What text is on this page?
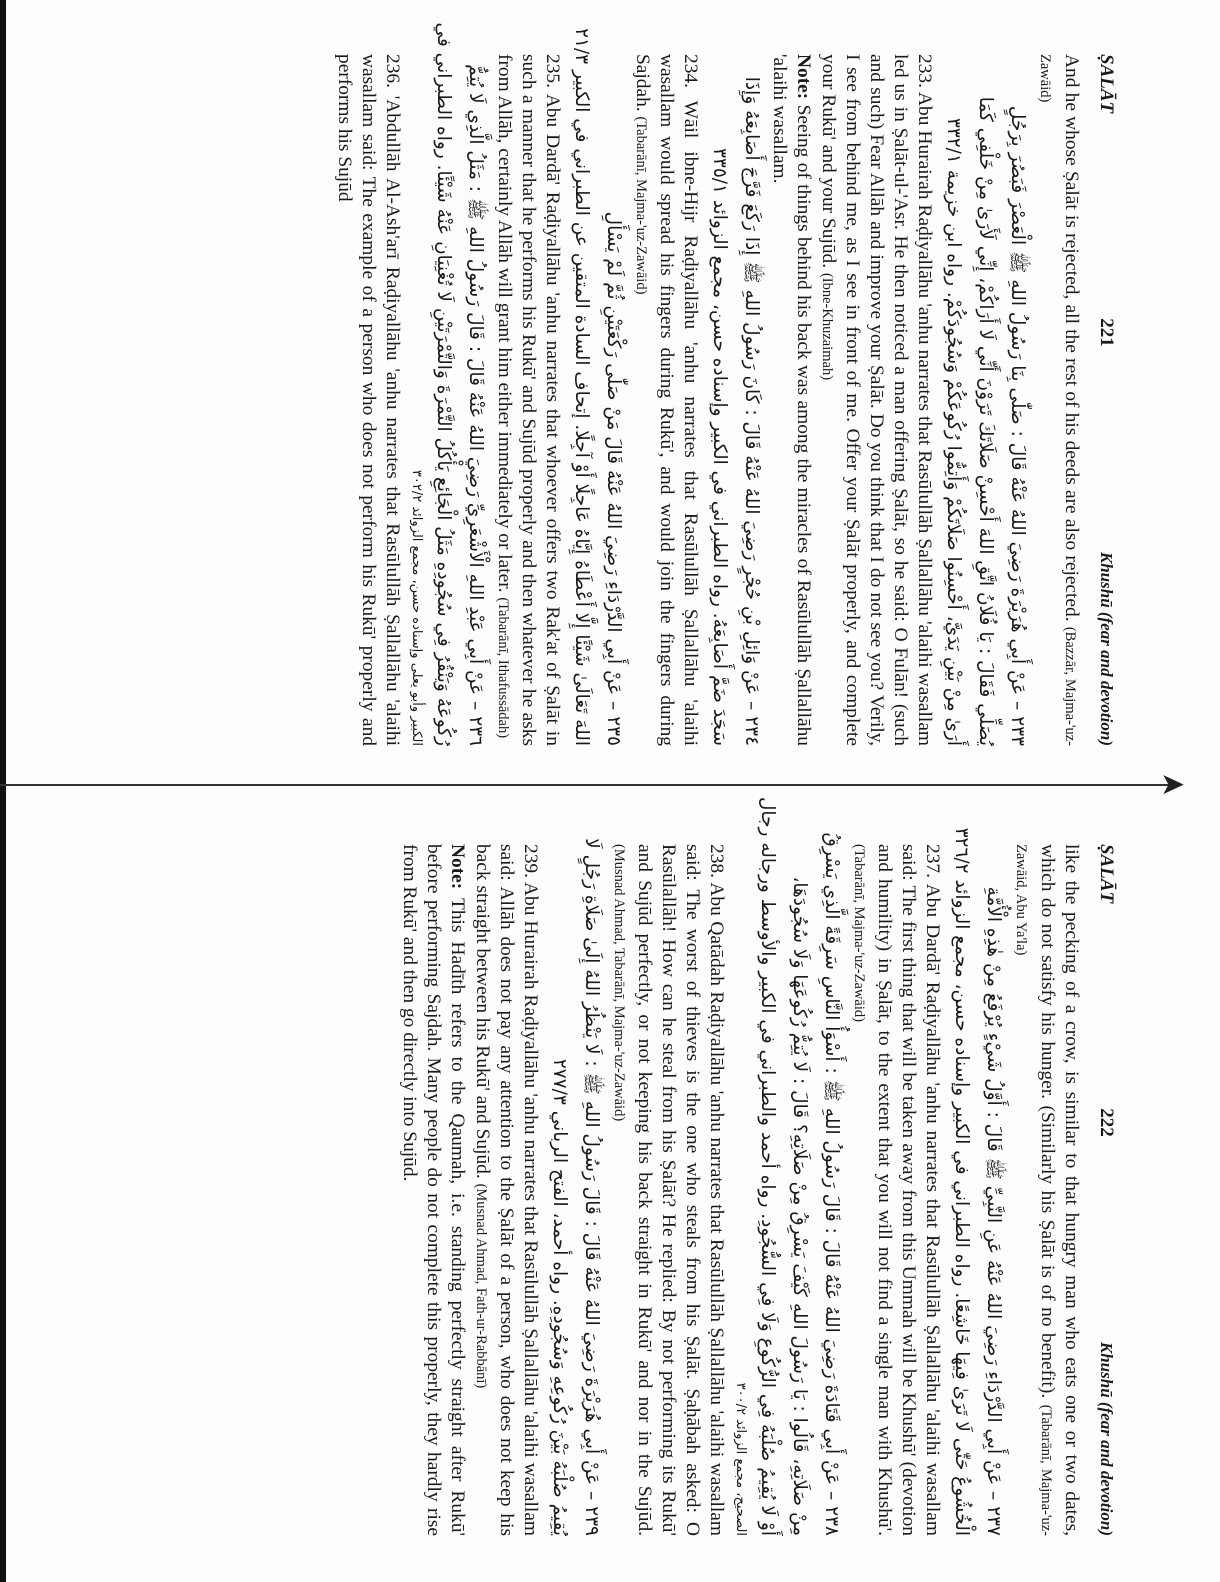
➤
ṢALĀT
221
Khushū (fear and devotion)

And he whose Ṣalāt is rejected, all the rest of his deeds are also rejected. (Bazzār, Majma-'uz-Zawāid)

٢٣٣ – عَنْ أَبِي هُرَيْرَةَ رَضِيَ اللهُ عَنْهُ قَالَ : صَلّٰى بِنَا رَسُولُ اللهِ ﷺ الْعَصْرَ فَبَصُرَ بِرَجُلٍ
يُصَلِّي فَقَالَ : يَا فُلَانُ اتَّقِ اللهَ أَحْسِنْ صَلَاتَكَ تَرَوْنَ أَنِّي لَا أَرَاكُمْ، إِنِّي لَأَرَىٰ مِنْ خَلْفِي كَمَا
أَرَىٰ مِنْ بَيْنِ يَدَيَّ، أَحْسِنُوا صَلَاتَكُمْ وَأَتِمُّوا رُكُوعَكُمْ وَسُجُودَكُمْ. رواه ابن خزيمة ٣٣٢/١

233. Abu Hurairah Raḍiyallāhu 'anhu narrates that Rasūlullāh Ṣallallāhu 'alaihi wasallam led us in Ṣalāt-ul-'Asr. He then noticed a man offering Ṣalāt, so he said: O Fulān! (such and such) Fear Allāh and improve your Ṣalāt. Do you think that I do not see you? Verily, I see from behind me, as I see in front of me. Offer your Ṣalāt properly, and complete your Rukū' and your Sujūd. (Ibne-Khuzaimah)

Note: Seeing of things behind his back was among the miracles of Rasūlullāh Ṣallallāhu 'alaihi wasallam.

٢٣٤ – عَنْ وَائِلِ بْنِ حُجْرٍ رَضِيَ اللهُ عَنْهُ قَالَ : كَانَ رَسُولُ اللهِ ﷺ إِذَا رَكَعَ فَرَّجَ أَصَابِعَهُ وَإِذَا
سَجَدَ ضَمَّ أَصَابِعَهُ. رواه الطبراني في الكبير وإسناده حسن، مجمع الزوائد ٣٣٥/١

234. Wāil ibne-Hijr Raḍiyallāhu 'anhu narrates that Rasūlullāh Ṣallallāhu 'alaihi wasallam would spread his fingers during Rukū', and would join the fingers during Sajdah. (Tabarānī, Majma-'uz-Zawāid)

٢٣٥ – عَنْ أَبِي الدَّرْدَاءِ رَضِيَ اللهُ عَنْهُ قَالَ مَنْ صَلّٰى رَكْعَتَيْنِ ثُمَّ لَمْ يَسْأَلِ
اللهَ تَعَالَىٰ شَيْئًا إِلَّا أَعْطَاهُ إِيَّاهُ عَاجِلًا أَوْ آجِلًا. إتحاف السادة المتقين عن الطبراني في الكبير ٢١/٣

235. Abu Dardā' Raḍiyallāhu 'anhu narrates that whoever offers two Rak'at of Ṣalāt in such a manner that he performs his Rukū' and Sujūd properly and then whatever he asks from Allāh, certainly Allāh will grant him either immediately or later. (Tabarānī, Ithafussādah)

٢٣٦ – عَنْ أَبِي عَبْدِ اللهِ الْأَشْعَرِيِّ رَضِيَ اللهُ عَنْهُ قَالَ : قَالَ رَسُولُ اللهِ ﷺ : مَثَلُ الَّذِي لَا يُتِمُّ
رُكُوعَهُ وَيَنْقُرُ فِي سُجُودِهِ مَثَلُ الْجَائِعِ يَأْكُلُ التَّمْرَةَ وَالتَّمْرَتَيْنِ لَا تُغْنِيَانِ عَنْهُ شَيْئًا. رواه الطبراني في
الكبير وأبو يعلى وإسناده حسن، مجمع الزوائد ٣٠٢/٢

236. 'Abdullāh Al-Ash'arī Raḍiyallāhu 'anhu narrates that Rasūlullāh Ṣallallāhu 'alaihi wasallam said: The example of a person who does not perform his Rukū' properly and performs his Sujūd

ṢALĀT
222
Khushū (fear and devotion)

like the pecking of a crow, is similar to that hungry man who eats one or two dates, which do not satisfy his hunger. (Similarly his Ṣalāt is of no benefit). (Tabarānī, Majma-'uz-Zawāid, Abu Ya'la)

٢٣٧ – عَنْ أَبِي الدَّرْدَاءِ رَضِيَ اللهُ عَنْهُ عَنِ النَّبِيِّ ﷺ قَالَ : أَوَّلُ شَيْءٍ يُرْفَعُ مِنْ هٰذِهِ الْأُمَّةِ
الْخُشُوعُ حَتّٰى لَا تَرَىٰ فِيهَا خَاشِعًا. رواه الطبراني في الكبير وإسناده حسن، مجمع الزوائد ٣٢٦/٢

237. Abu Dardā' Raḍiyallāhu 'anhu narrates that Rasūlullāh Ṣallallāhu 'alaihi wasallam said: The first thing that will be taken away from this Ummah will be Khushū' (devotion and humility) in Ṣalāt, to the extent that you will not find a single man with Khushū'. (Tabarānī, Majma-'uz-Zawāid)

٢٣٨ – عَنْ أَبِي قَتَادَةَ رَضِيَ اللهُ عَنْهُ قَالَ : قَالَ رَسُولُ اللهِ ﷺ : أَسْوَأُ النَّاسِ سَرِقَةً الَّذِي يَسْرِقُ
مِنْ صَلَاتِهِ، قَالُوا : يَا رَسُولَ اللهِ كَيْفَ يَسْرِقُ مِنْ صَلَاتِهِ؟ قَالَ : لَا يُتِمُّ رُكُوعَهَا وَلَا سُجُودَهَا،
أَوْ لَا يُقِيمُ صُلْبَهُ فِي الرُّكُوعِ وَلَا فِي السُّجُودِ. رواه أحمد والطبراني في الكبير والأوسط ورجاله رجال
الصحيح، مجمع الزوائد ٣٠٠/٢

238. Abu Qatādah Raḍiyallāhu 'anhu narrates that Rasūlullāh Ṣallallāhu 'alaihi wasallam said: The worst of thieves is the one who steals from his Ṣalāt. Ṣaḥābah asked: O Rasūlallāh! How can he steal from his Ṣalāt? He replied: By not performing its Rukū' and Sujūd perfectly, or not keeping his back straight in Rukū' and nor in the Sujūd. (Musnad Ahmad, Tabarānī, Majma-'uz-Zawāid)

٢٣٩ – عَنْ أَبِي هُرَيْرَةَ رَضِيَ اللهُ عَنْهُ قَالَ : قَالَ رَسُولُ اللهِ ﷺ : لَا يَنْظُرُ اللهُ إِلَىٰ صَلَاةِ رَجُلٍ لَا
يُقِيمُ صُلْبَهُ بَيْنَ رُكُوعِهِ وَسُجُودِهِ. رواه أحمد، الفتح الرباني ٢٧٧/٣

239. Abu Hurairah Raḍiyallāhu 'anhu narrates that Rasūlullāh Ṣallallāhu 'alaihi wasallam said: Allāh does not pay any attention to the Ṣalāt of a person, who does not keep his back straight between his Rukū' and Sujūd. (Musnad Ahmad, Fath-ur-Rabbānī)

Note: This Hadīth refers to the Qaumah, i.e. standing perfectly straight after Rukū' before performing Sajdah. Many people do not complete this properly, they hardly rise from Rukū' and then go directly into Sujūd.
